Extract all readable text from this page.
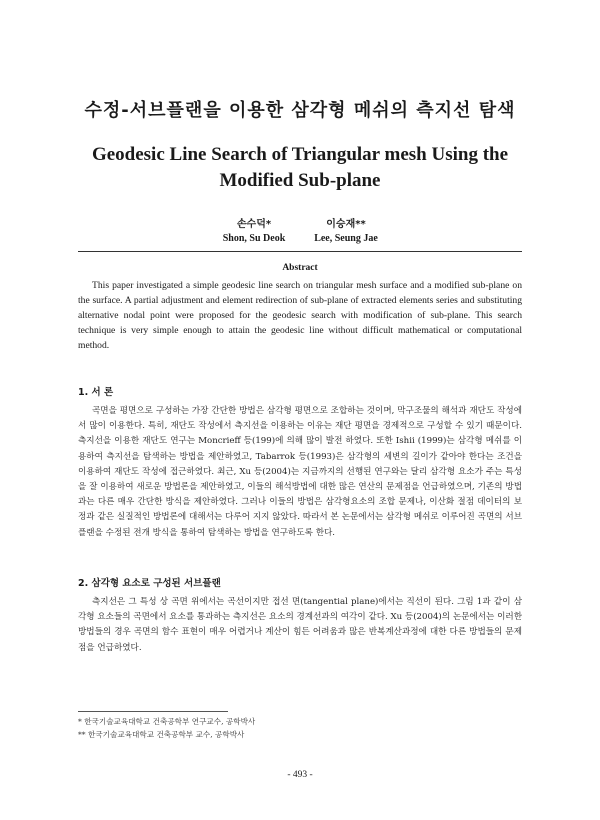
수정-서브플랜을 이용한 삼각형 메쉬의 측지선 탐색
Geodesic Line Search of Triangular mesh Using the Modified Sub-plane
손수덕*
Shon, Su Deok
이승재**
Lee, Seung Jae
Abstract

This paper investigated a simple geodesic line search on triangular mesh surface and a modified sub-plane on the surface. A partial adjustment and element redirection of sub-plane of extracted elements series and substituting alternative nodal point were proposed for the geodesic search with modification of sub-plane. This search technique is very simple enough to attain the geodesic line without difficult mathematical or computational method.

1. 서 론

곡면을 평면으로 구성하는 가장 간단한 방법은 삼각형 평면으로 조합하는 것이며, 막구조물의 해석과 재단도 작성에서 많이 이용한다. 특히, 재단도 작성에서 측지선을 이용하는 이유는 재단 평면을 경제적으로 구성할 수 있기 때문이다. 측지선을 이용한 재단도 연구는 Moncrieff 등(199)에 의해 많이 발전 하였다. 또한 Ishii (1999)는 삼각형 메쉬를 이용하여 측지선을 탐색하는 방법을 제안하였고, Tabarrok 등(1993)은 삼각형의 세변의 길이가 같아야 한다는 조건을 이용하여 재단도 작성에 접근하였다. 최근, Xu 등(2004)는 지금까지의 선행된 연구와는 달리 삼각형 요소가 주는 특성을 잘 이용하여 새로운 방법론을 제안하였고, 이들의 해석방법에 대한 많은 연산의 문제점을 언급하였으며, 기존의 방법과는 다른 매우 간단한 방식을 제안하였다. 그러나 이들의 방법은 삼각형요소의 조합 문제나, 이산화 절점 데이터의 보정과 같은 실질적인 방법론에 대해서는 다루어 지지 않았다. 따라서 본 논문에서는 삼각형 메쉬로 이루어진 곡면의 서브플랜을 수정된 전개 방식을 통하여 탐색하는 방법을 연구하도록 한다.

2. 삼각형 요소로 구성된 서브플랜

측지선은 그 특성 상 곡면 위에서는 곡선이지만 접선 면(tangential plane)에서는 직선이 된다. 그림 1과 같이 삼각형 요소들의 곡면에서 요소를 통과하는 측지선은 요소의 경계선과의 여각이 같다. Xu 등(2004)의 논문에서는 이러한 방법들의 경우 곡면의 함수 표현이 매우 어렵거나 계산이 힘든 어려움과 많은 반복계산과정에 대한 다른 방법들의 문제점을 언급하였다.

* 한국기술교육대학교 건축공학부 연구교수, 공학박사
** 한국기술교육대학교 건축공학부 교수, 공학박사
- 493 -
